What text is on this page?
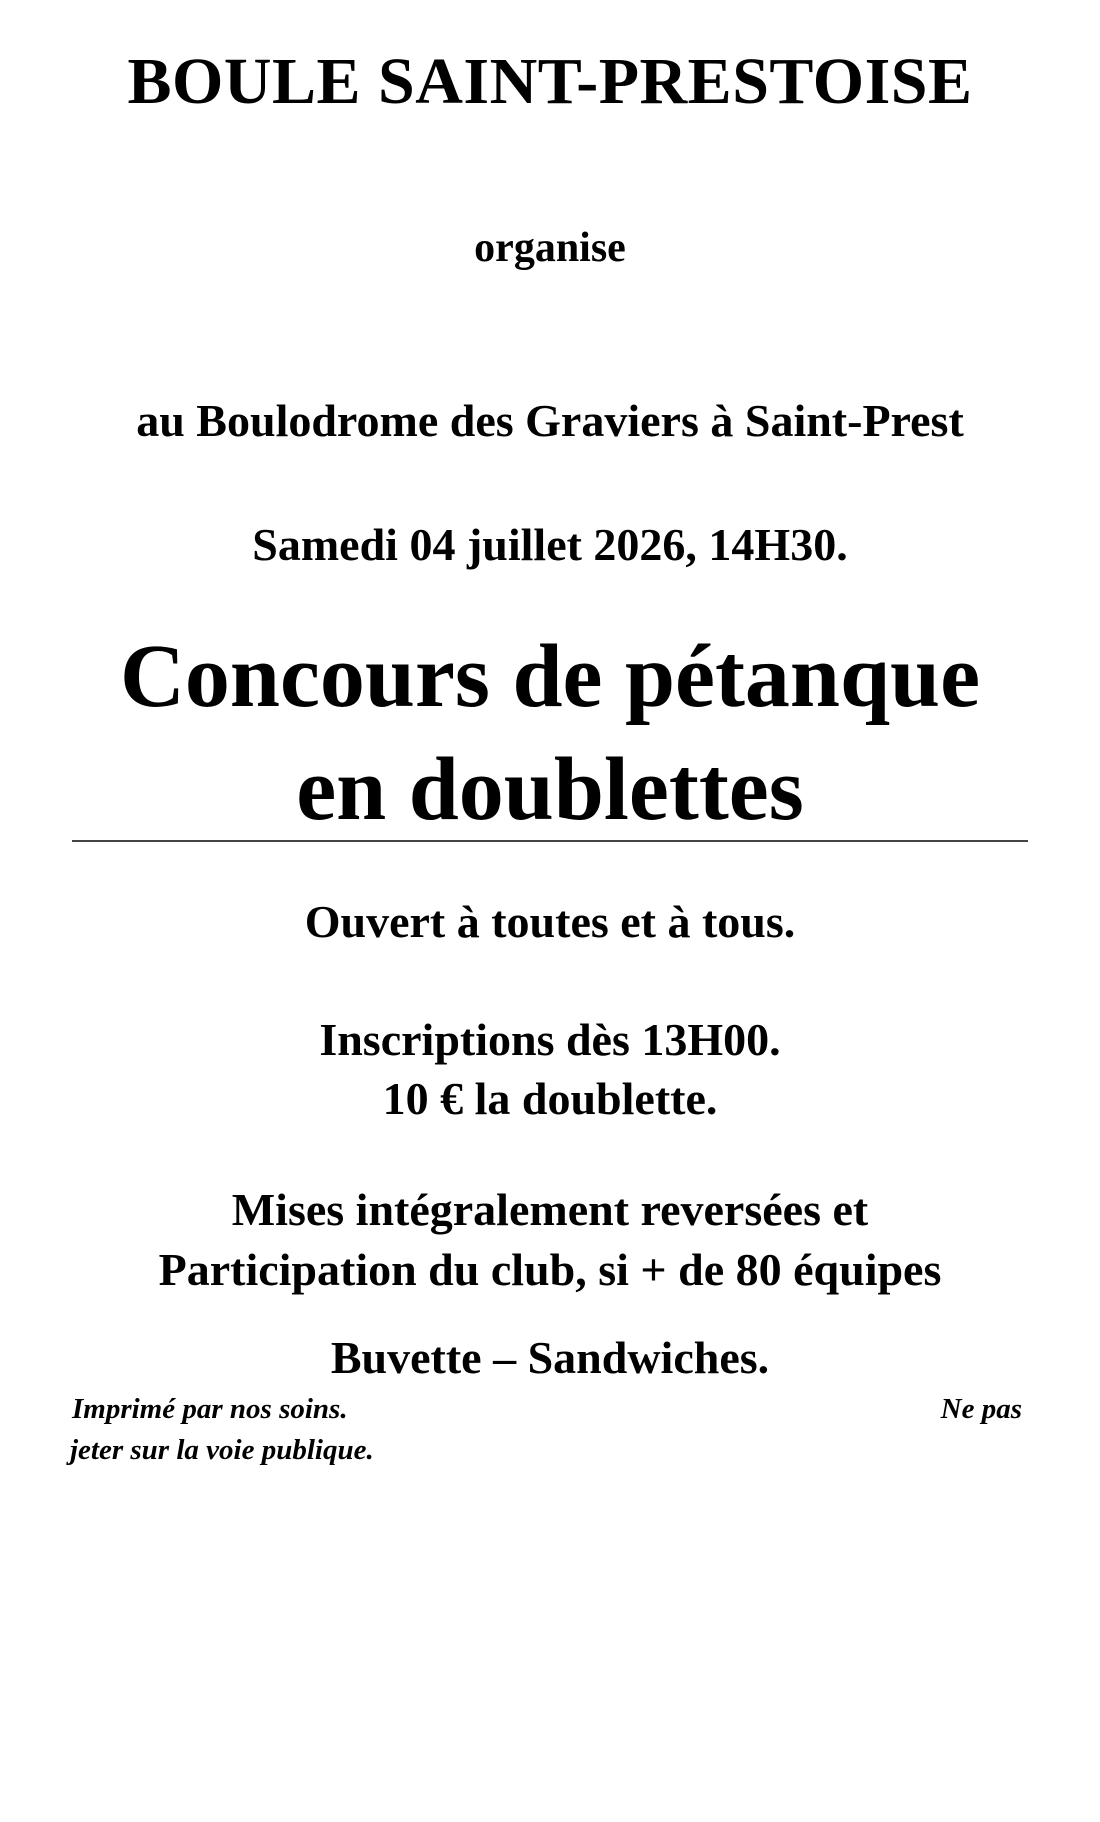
BOULE SAINT-PRESTOISE

organise

au Boulodrome des Graviers à Saint-Prest

Samedi 04 juillet 2026, 14H30.

Concours de pétanque
en doublettes

Ouvert à toutes et à tous.

Inscriptions dès 13H00.

10 € la doublette.

Mises intégralement reversées et

Participation du club, si + de 80 équipes

Buvette – Sandwiches.

Imprimé par nos soins.	Ne pas
jeter sur la voie publique.
